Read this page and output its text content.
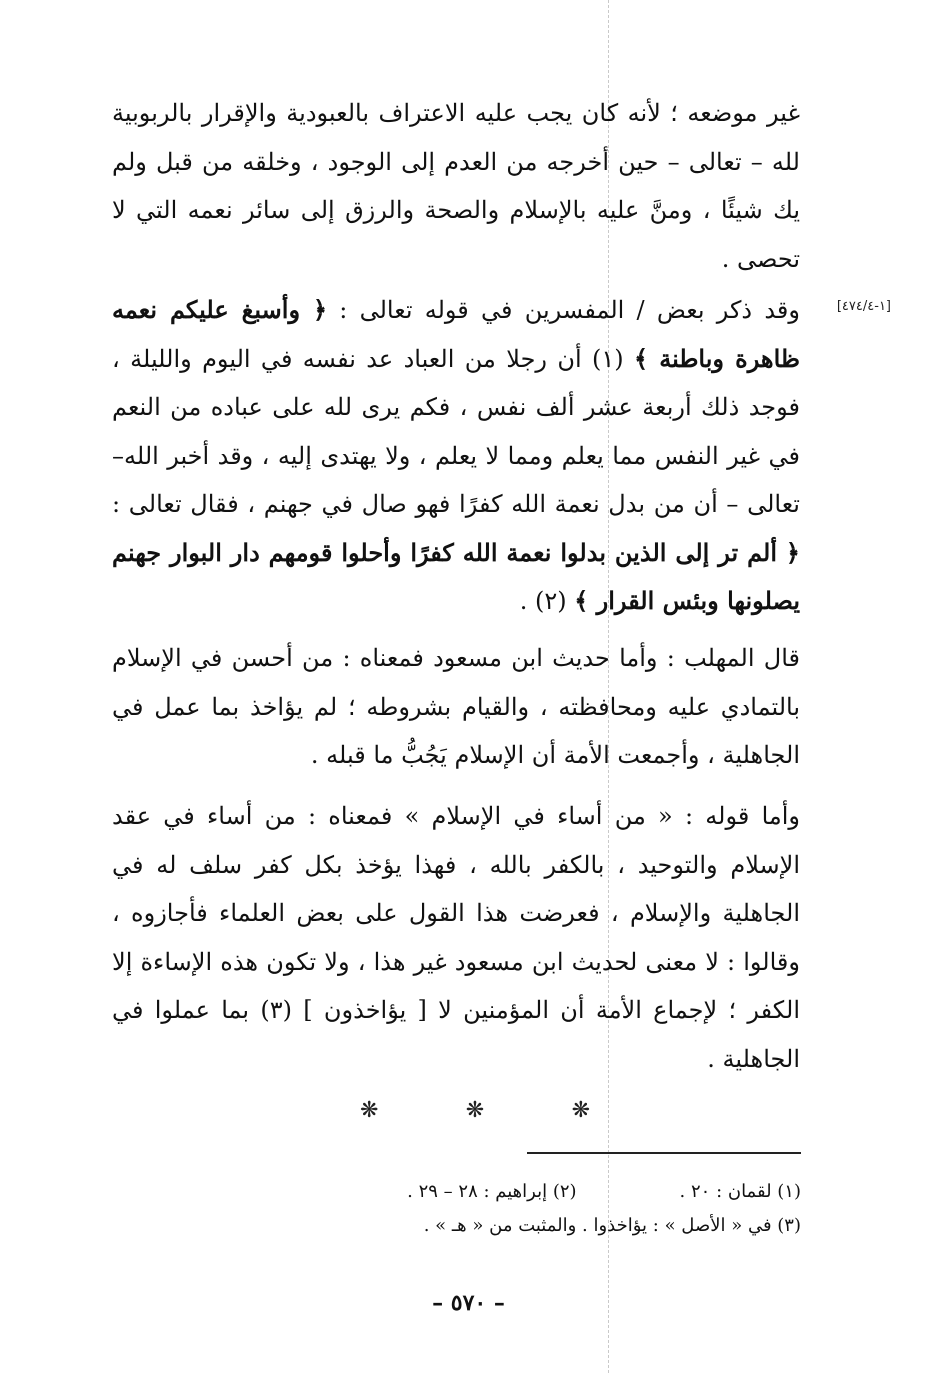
غير موضعه ؛ لأنه كان يجب عليه الاعتراف بالعبودية والإقرار بالربوبية لله – تعالى – حين أخرجه من العدم إلى الوجود ، وخلقه من قبل ولم يك شيئًا ، ومنَّ عليه بالإسلام والصحة والرزق إلى سائر نعمه التي لا تحصى .

[١-٤٧٤/٤]

وقد ذكر بعض / المفسرين في قوله تعالى : ﴿ وأسبغ عليكم نعمه ظاهرة وباطنة ﴾ (١) أن رجلا من العباد عد نفسه في اليوم والليلة ، فوجد ذلك أربعة عشر ألف نفس ، فكم يرى لله على عباده من النعم في غير النفس مما يعلم ومما لا يعلم ، ولا يهتدى إليه ، وقد أخبر الله– تعالى – أن من بدل نعمة الله كفرًا فهو صال في جهنم ، فقال تعالى : ﴿ ألم تر إلى الذين بدلوا نعمة الله كفرًا وأحلوا قومهم دار البوار جهنم يصلونها وبئس القرار ﴾ (٢) .

قال المهلب : وأما حديث ابن مسعود فمعناه : من أحسن في الإسلام بالتمادي عليه ومحافظته ، والقيام بشروطه ؛ لم يؤاخذ بما عمل في الجاهلية ، وأجمعت الأمة أن الإسلام يَجُبُّ ما قبله .

وأما قوله : « من أساء في الإسلام » فمعناه : من أساء في عقد الإسلام والتوحيد ، بالكفر بالله ، فهذا يؤخذ بكل كفر سلف له في الجاهلية والإسلام ، فعرضت هذا القول على بعض العلماء فأجازوه ، وقالوا : لا معنى لحديث ابن مسعود غير هذا ، ولا تكون هذه الإساءة إلا الكفر ؛ لإجماع الأمة أن المؤمنين لا [ يؤاخذون ] (٣) بما عملوا في الجاهلية .

❋	❋	❋
(١) لقمان : ٢٠ .                  (٢) إبراهيم : ٢٨ – ٢٩ .
(٣) في « الأصل » : يؤاخذوا . والمثبت من « هـ » .
– ٥٧٠ –
